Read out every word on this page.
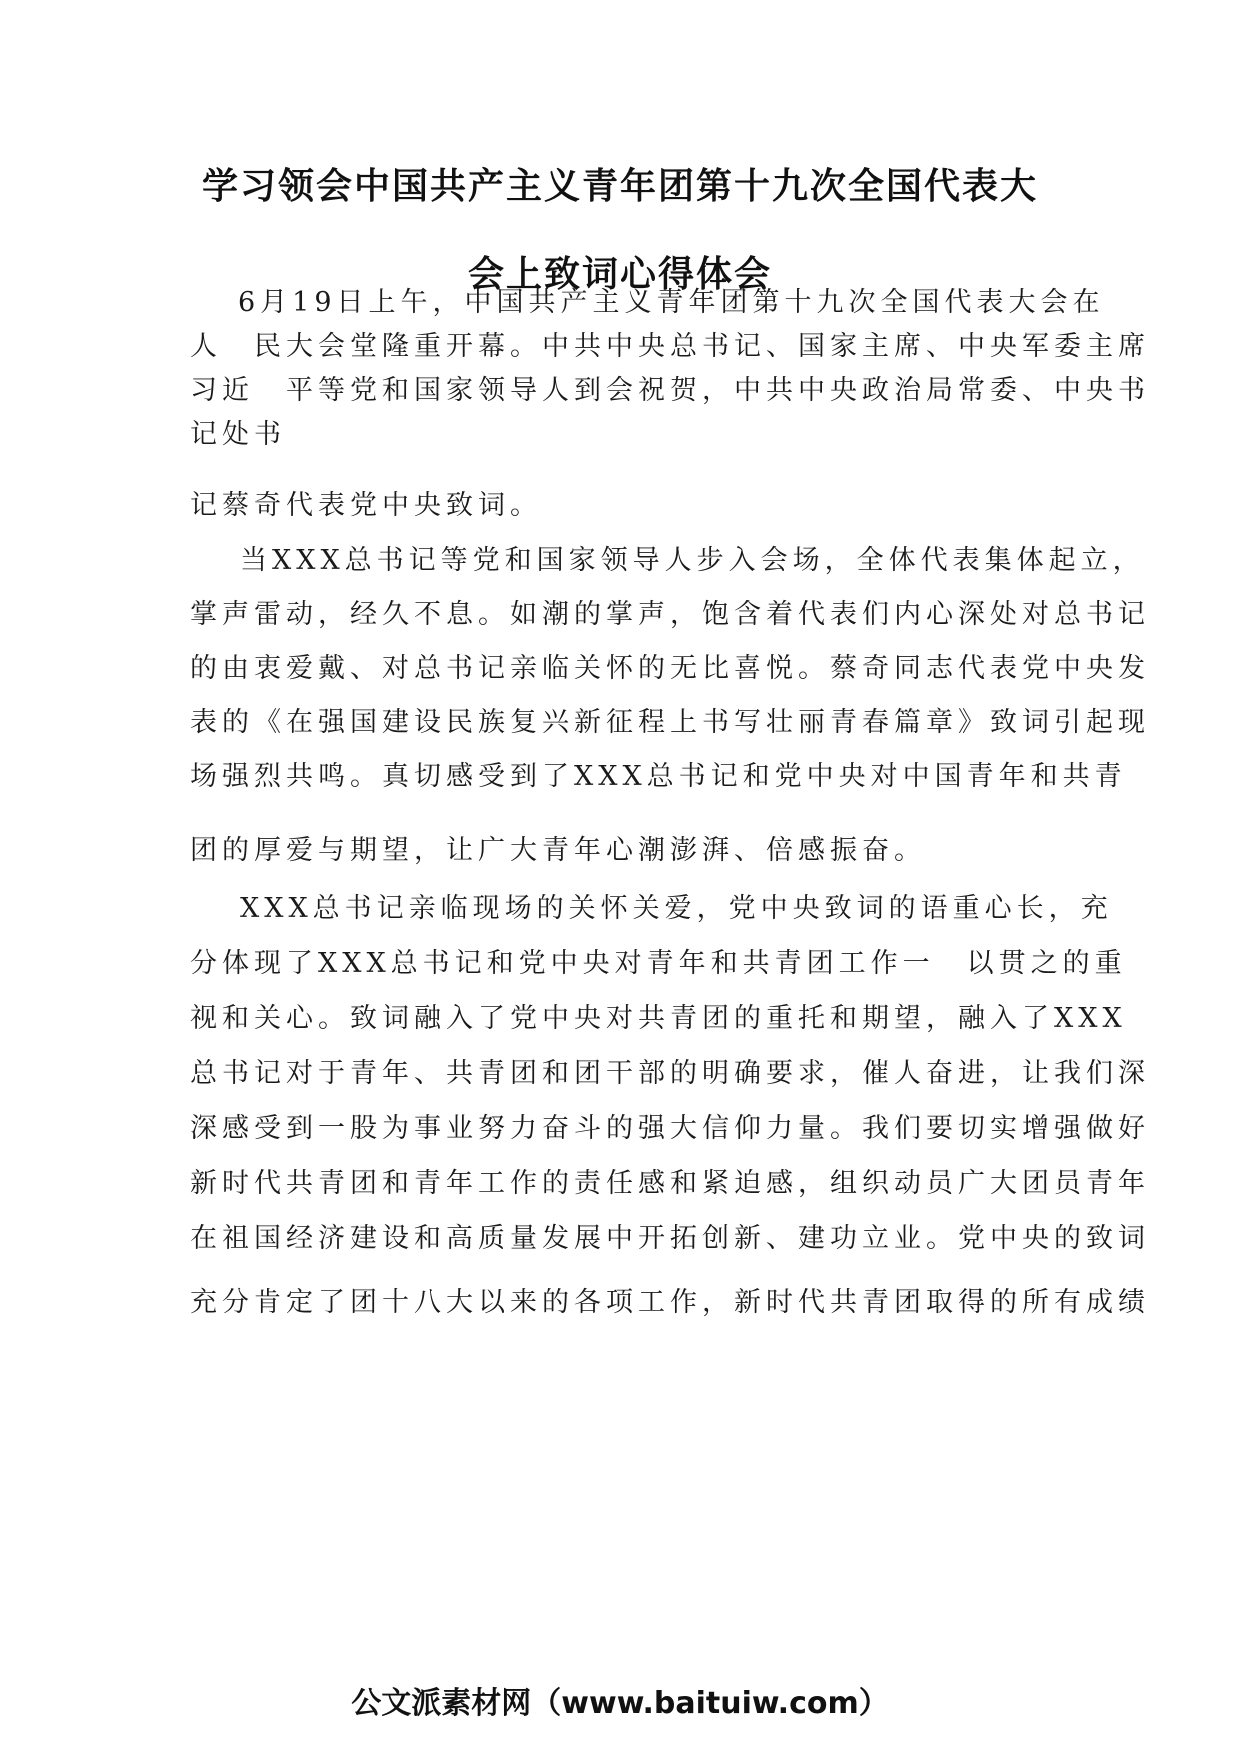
学习领会中国共产主义青年团第十九次全国代表大
会上致词心得体会

6月19日上午，中国共产主义青年团第十九次全国代表大会在

人　民大会堂隆重开幕。中共中央总书记、国家主席、中央军委主席

习近　平等党和国家领导人到会祝贺，中共中央政治局常委、中央书

记处书

记蔡奇代表党中央致词。

当XXX总书记等党和国家领导人步入会场，全体代表集体起立，

掌声雷动，经久不息。如潮的掌声，饱含着代表们内心深处对总书记

的由衷爱戴、对总书记亲临关怀的无比喜悦。蔡奇同志代表党中央发

表的《在强国建设民族复兴新征程上书写壮丽青春篇章》致词引起现

场强烈共鸣。真切感受到了XXX总书记和党中央对中国青年和共青

团的厚爱与期望，让广大青年心潮澎湃、倍感振奋。

XXX总书记亲临现场的关怀关爱，党中央致词的语重心长，充

分体现了XXX总书记和党中央对青年和共青团工作一　以贯之的重

视和关心。致词融入了党中央对共青团的重托和期望，融入了XXX

总书记对于青年、共青团和团干部的明确要求，催人奋进，让我们深

深感受到一股为事业努力奋斗的强大信仰力量。我们要切实增强做好

新时代共青团和青年工作的责任感和紧迫感，组织动员广大团员青年

在祖国经济建设和高质量发展中开拓创新、建功立业。党中央的致词

充分肯定了团十八大以来的各项工作，新时代共青团取得的所有成绩

公文派素材网（www.baituiw.com）
